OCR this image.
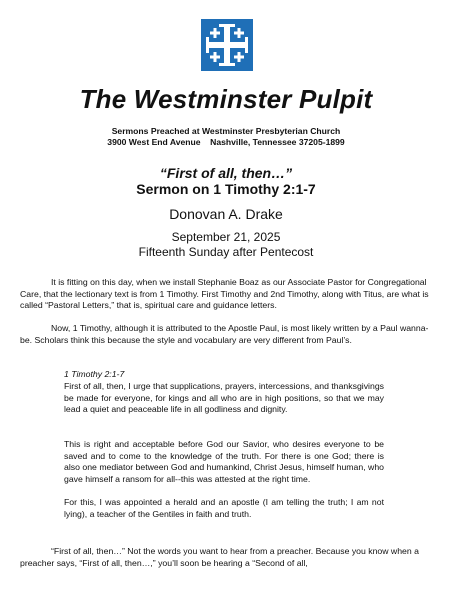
The Westminster Pulpit
Sermons Preached at Westminster Presbyterian Church
3900 West End Avenue    Nashville, Tennessee 37205-1899
“First of all, then…”
Sermon on 1 Timothy 2:1-7
Donovan A. Drake
September 21, 2025
Fifteenth Sunday after Pentecost
It is fitting on this day, when we install Stephanie Boaz as our Associate Pastor for Congregational Care, that the lectionary text is from 1 Timothy. First Timothy and 2nd Timothy, along with Titus, are what is called “Pastoral Letters,” that is, spiritual care and guidance letters.
Now, 1 Timothy, although it is attributed to the Apostle Paul, is most likely written by a Paul wanna-be. Scholars think this because the style and vocabulary are very different from Paul’s.
1 Timothy 2:1-7
First of all, then, I urge that supplications, prayers, intercessions, and thanksgivings be made for everyone, for kings and all who are in high positions, so that we may lead a quiet and peaceable life in all godliness and dignity.
This is right and acceptable before God our Savior, who desires everyone to be saved and to come to the knowledge of the truth. For there is one God; there is also one mediator between God and humankind, Christ Jesus, himself human, who gave himself a ransom for all--this was attested at the right time.
For this, I was appointed a herald and an apostle (I am telling the truth; I am not lying), a teacher of the Gentiles in faith and truth.
“First of all, then…” Not the words you want to hear from a preacher. Because you know when a preacher says, “First of all, then…,” you’ll soon be hearing a “Second of all,
